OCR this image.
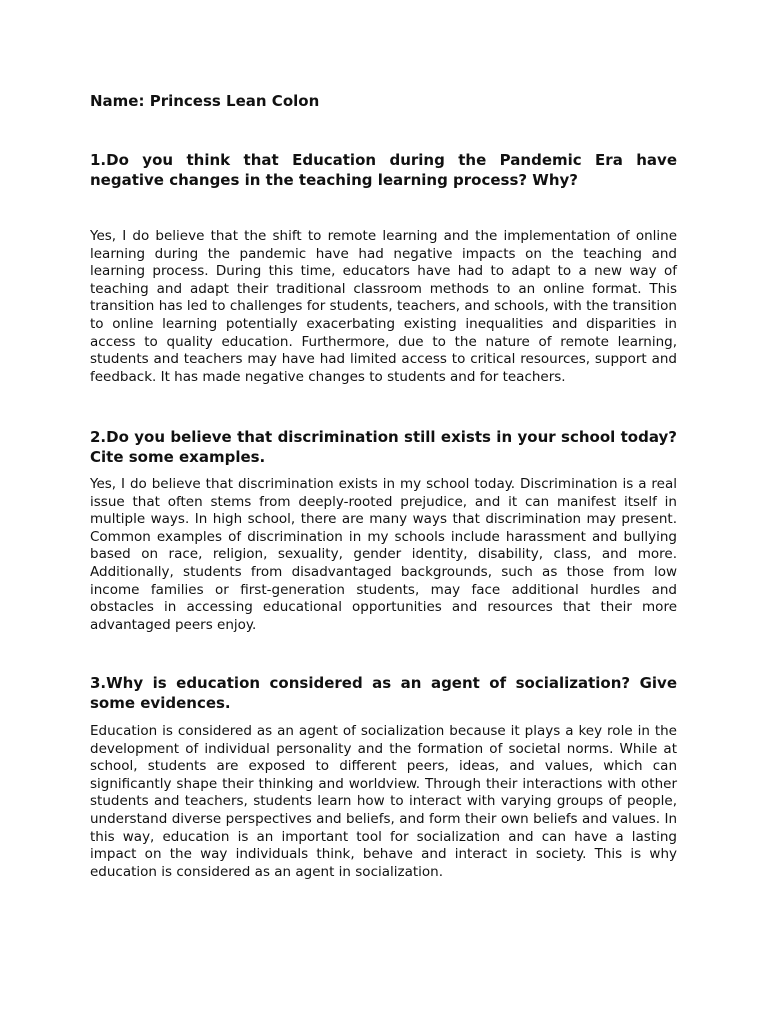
Name: Princess Lean Colon
1.Do you think that Education during the Pandemic Era have negative changes in the teaching learning process? Why?
Yes, I do believe that the shift to remote learning and the implementation of online learning during the pandemic have had negative impacts on the teaching and learning process. During this time, educators have had to adapt to a new way of teaching and adapt their traditional classroom methods to an online format. This transition has led to challenges for students, teachers, and schools, with the transition to online learning potentially exacerbating existing inequalities and disparities in access to quality education. Furthermore, due to the nature of remote learning, students and teachers may have had limited access to critical resources, support and feedback. It has made negative changes to students and for teachers.
2.Do you believe that discrimination still exists in your school today? Cite some examples.
Yes, I do believe that discrimination exists in my school today. Discrimination is a real issue that often stems from deeply-rooted prejudice, and it can manifest itself in multiple ways. In high school, there are many ways that discrimination may present. Common examples of discrimination in my schools include harassment and bullying based on race, religion, sexuality, gender identity, disability, class, and more. Additionally, students from disadvantaged backgrounds, such as those from low income families or first-generation students, may face additional hurdles and obstacles in accessing educational opportunities and resources that their more advantaged peers enjoy.
3.Why is education considered as an agent of socialization? Give some evidences.
Education is considered as an agent of socialization because it plays a key role in the development of individual personality and the formation of societal norms. While at school, students are exposed to different peers, ideas, and values, which can significantly shape their thinking and worldview. Through their interactions with other students and teachers, students learn how to interact with varying groups of people, understand diverse perspectives and beliefs, and form their own beliefs and values. In this way, education is an important tool for socialization and can have a lasting impact on the way individuals think, behave and interact in society. This is why education is considered as an agent in socialization.
